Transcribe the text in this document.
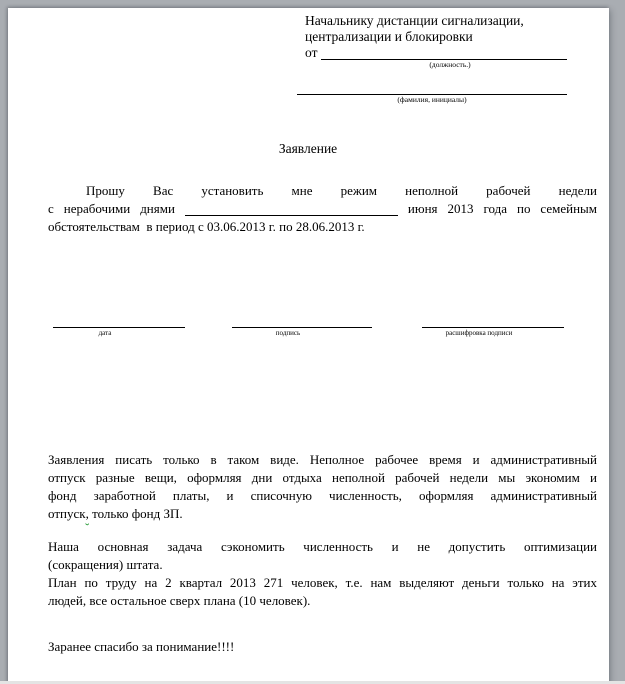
Начальнику дистанции сигнализации,
централизации и блокировки
от
(должность.)
(фамилия, инициалы)
Заявление
Прошу Вас установить мне режим неполной рабочей недели
с нерабочими днями	июня 2013 года по семейным
обстоятельствам  в период с 03.06.2013 г. по 28.06.2013 г.
дата	подпись	расшифровка подписи
Заявления писать только в таком виде. Неполное рабочее время и административный
отпуск разные вещи, оформляя дни отдыха неполной рабочей недели мы экономим и
фонд заработной платы, и списочную численность, оформляя административный
отпуск, только фонд ЗП.
Наша основная задача сэкономить численность и не допустить оптимизации
(сокращения) штата.
План по труду на 2 квартал 2013 271 человек, т.е. нам выделяют деньги только на этих
людей, все остальное сверх плана (10 человек).
Заранее спасибо за понимание!!!!
